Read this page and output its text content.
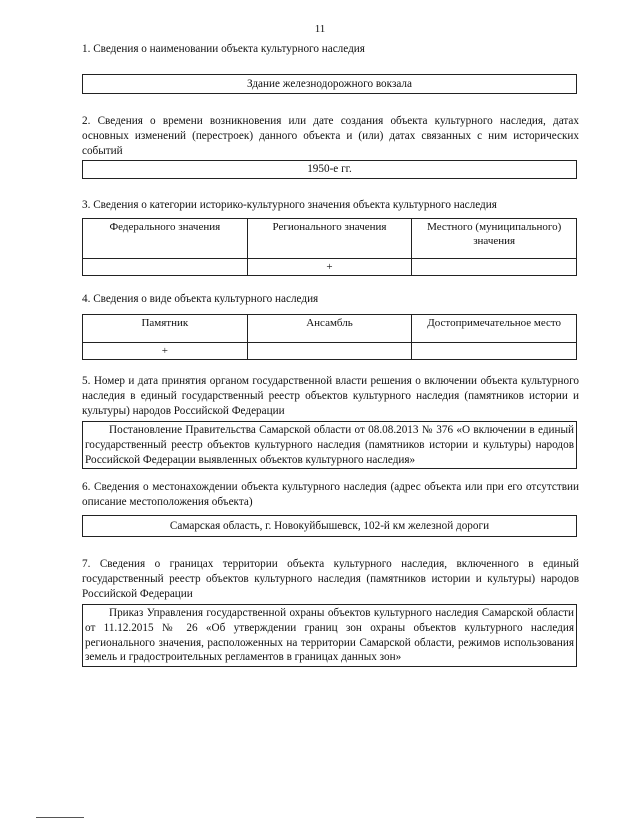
11
1. Сведения о наименовании объекта культурного наследия
Здание железнодорожного вокзала
2. Сведения о времени возникновения или дате создания объекта культурного наследия, датах основных изменений (перестроек) данного объекта и (или) датах связанных с ним исторических событий
1950-е гг.
3. Сведения о категории историко-культурного значения объекта культурного наследия
Федерального значения	Регионального значения	Местного (муниципального) значения
	+	
4. Сведения о виде объекта культурного наследия
Памятник	Ансамбль	Достопримечательное место
+		
5. Номер и дата принятия органом государственной власти решения о включении объекта культурного наследия в единый государственный реестр объектов культурного наследия (памятников истории и культуры) народов Российской Федерации
Постановление Правительства Самарской области от 08.08.2013 № 376 «О включении в единый государственный реестр объектов культурного наследия (памятников истории и культуры) народов Российской Федерации выявленных объектов культурного наследия»
6. Сведения о местонахождении объекта культурного наследия (адрес объекта или при его отсутствии описание местоположения объекта)
Самарская область, г. Новокуйбышевск, 102-й км железной дороги
7. Сведения о границах территории объекта культурного наследия, включенного в единый государственный реестр объектов культурного наследия (памятников истории и культуры) народов Российской Федерации
Приказ Управления государственной охраны объектов культурного наследия Самарской области от 11.12.2015 № 26 «Об утверждении границ зон охраны объектов культурного наследия регионального значения, расположенных на территории Самарской области, режимов использования земель и градостроительных регламентов в границах данных зон»
